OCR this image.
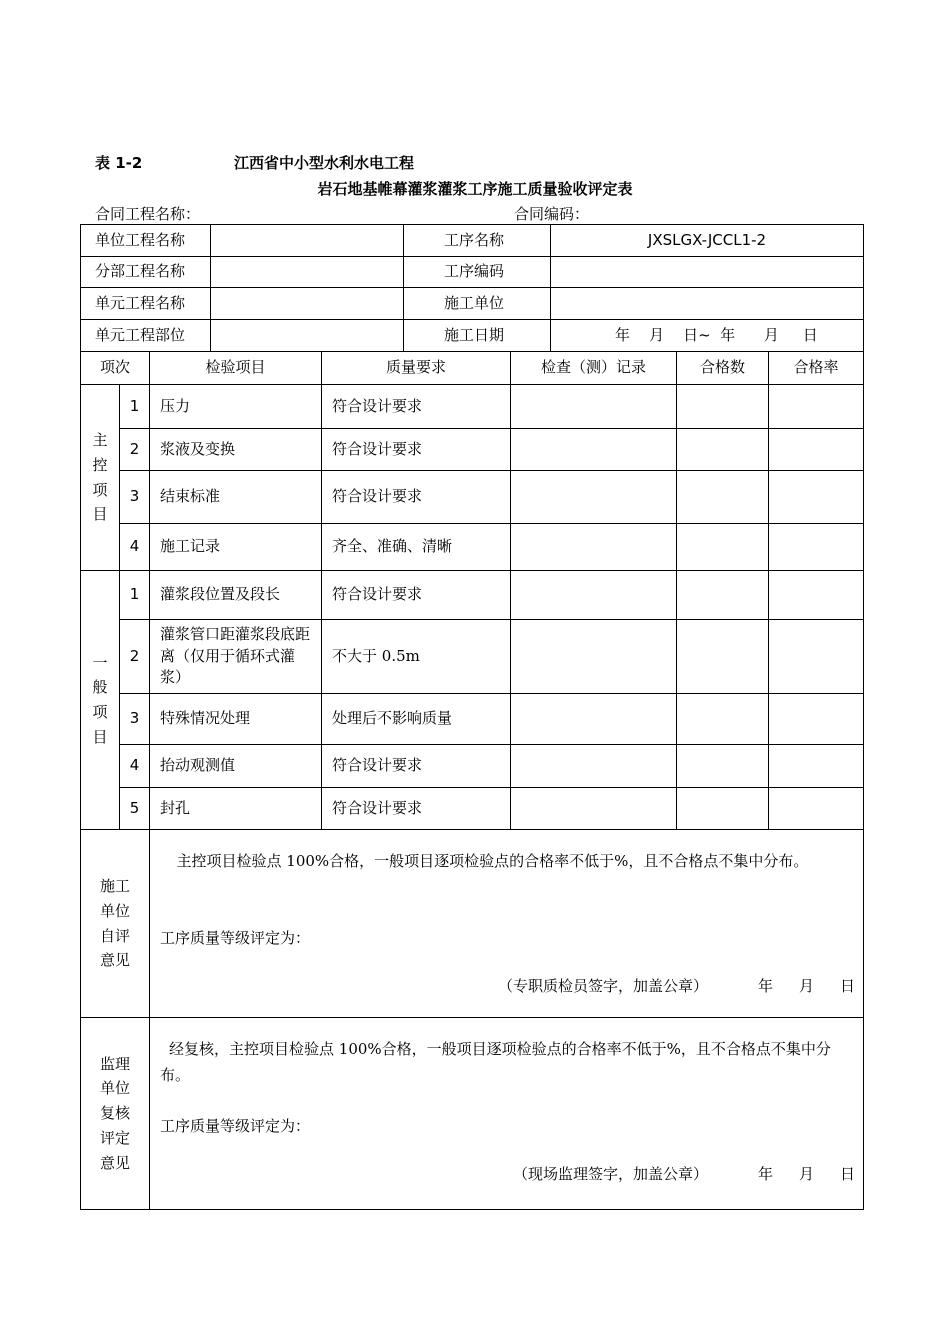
表 1-2	江西省中小型水利水电工程
岩石地基帷幕灌浆灌浆工序施工质量验收评定表
合同工程名称：	合同编码：
单位工程名称		工序名称	JXSLGX-JCCL1-2
分部工程名称		工序编码	
单元工程名称		施工单位	
单元工程部位		施工日期	年    月    日~  年      月     日
项次		检验项目	质量要求	检查（测）记录	合格数	合格率
主控项目	1	压力	符合设计要求			
	2	浆液及变换	符合设计要求			
	3	结束标准	符合设计要求			
	4	施工记录	齐全、准确、清晰			
一般项目	1	灌浆段位置及段长	符合设计要求			
	2	灌浆管口距灌浆段底距离（仅用于循环式灌浆）	不大于 0.5m			
	3	特殊情况处理	处理后不影响质量			
	4	抬动观测值	符合设计要求			
	5	封孔	符合设计要求			
施工单位自评意见		主控项目检验点 100%合格，一般项目逐项检验点的合格率不低于%，且不合格点不集中分布。
工序质量等级评定为：
（专职质检员签字，加盖公章） 年 月 日				

监理单位复核评定意见		经复核，主控项目检验点 100%合格，一般项目逐项检验点的合格率不低于%，且不合格点不集中分布。
工序质量等级评定为：
（现场监理签字，加盖公章） 年 月 日				
